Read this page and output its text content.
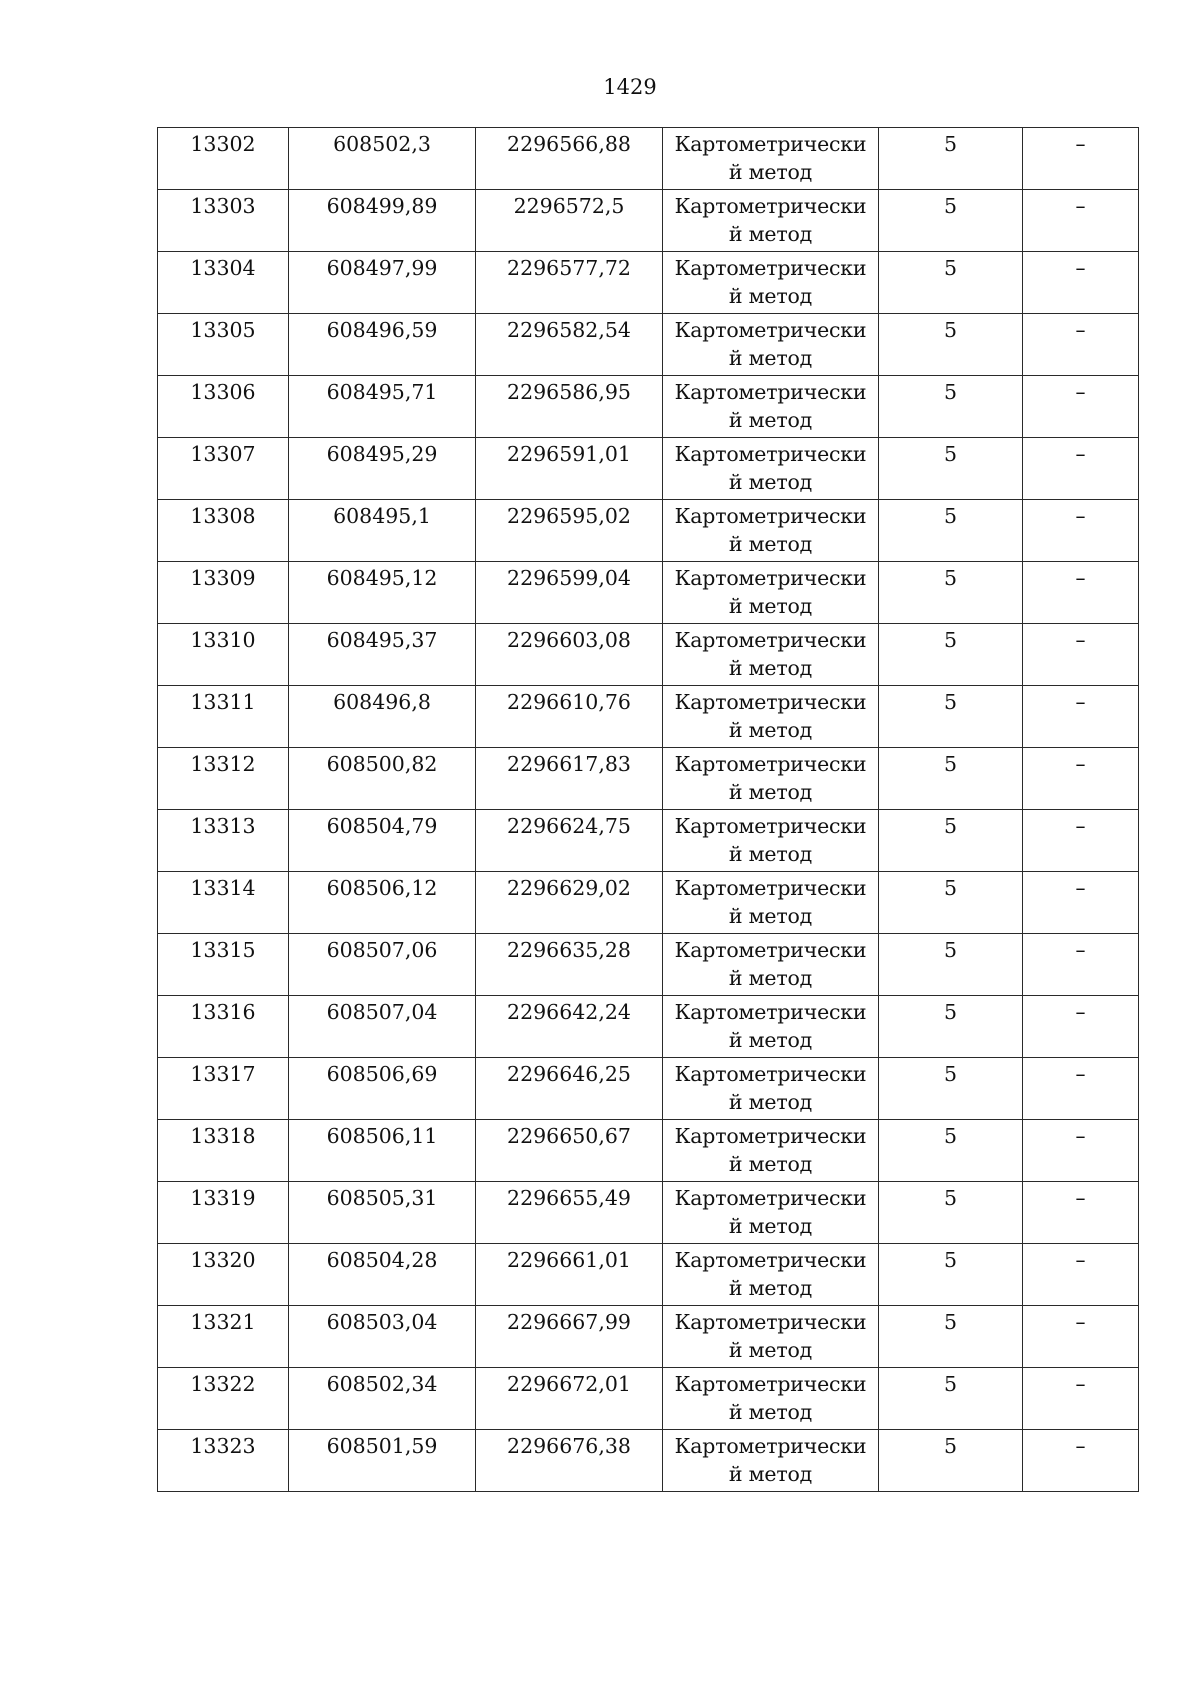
1429
13302	608502,3	2296566,88	Картометрический метод	5	–
13303	608499,89	2296572,5	Картометрический метод	5	–
13304	608497,99	2296577,72	Картометрический метод	5	–
13305	608496,59	2296582,54	Картометрический метод	5	–
13306	608495,71	2296586,95	Картометрический метод	5	–
13307	608495,29	2296591,01	Картометрический метод	5	–
13308	608495,1	2296595,02	Картометрический метод	5	–
13309	608495,12	2296599,04	Картометрический метод	5	–
13310	608495,37	2296603,08	Картометрический метод	5	–
13311	608496,8	2296610,76	Картометрический метод	5	–
13312	608500,82	2296617,83	Картометрический метод	5	–
13313	608504,79	2296624,75	Картометрический метод	5	–
13314	608506,12	2296629,02	Картометрический метод	5	–
13315	608507,06	2296635,28	Картометрический метод	5	–
13316	608507,04	2296642,24	Картометрический метод	5	–
13317	608506,69	2296646,25	Картометрический метод	5	–
13318	608506,11	2296650,67	Картометрический метод	5	–
13319	608505,31	2296655,49	Картометрический метод	5	–
13320	608504,28	2296661,01	Картометрический метод	5	–
13321	608503,04	2296667,99	Картометрический метод	5	–
13322	608502,34	2296672,01	Картометрический метод	5	–
13323	608501,59	2296676,38	Картометрический метод	5	–
